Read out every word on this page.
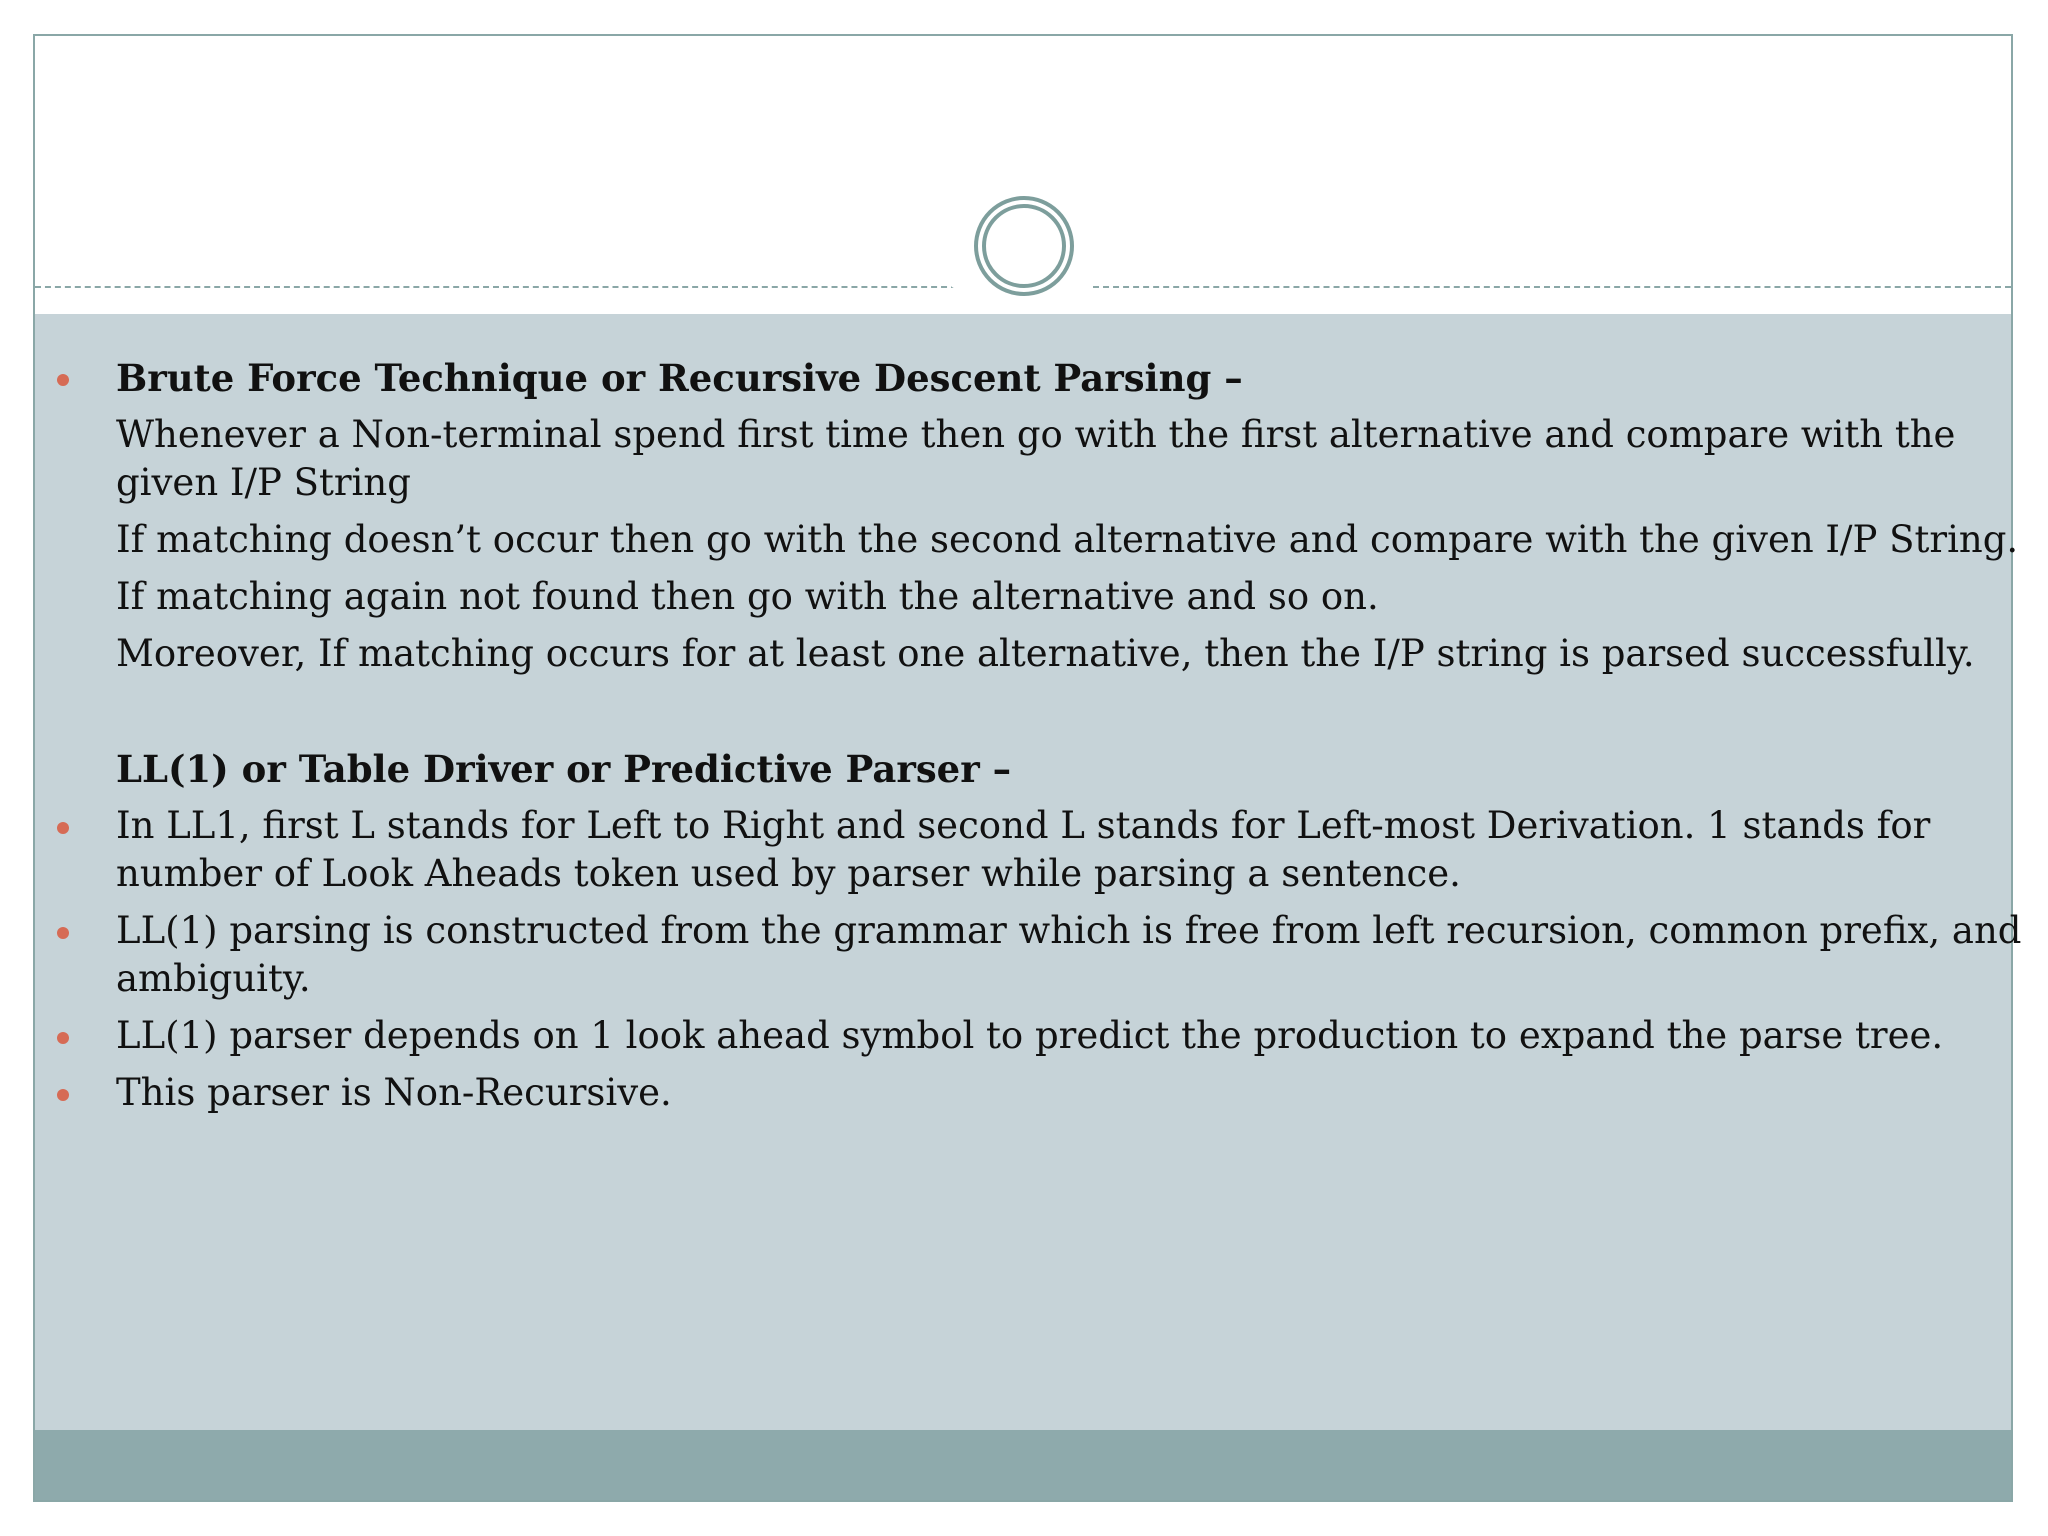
Brute Force Technique or Recursive Descent Parsing –
Whenever a Non-terminal spend first time then go with the first alternative and compare with the
given I/P String
If matching doesn’t occur then go with the second alternative and compare with the given I/P String.
If matching again not found then go with the alternative and so on.
Moreover, If matching occurs for at least one alternative, then the I/P string is parsed successfully.
LL(1) or Table Driver or Predictive Parser –
In LL1, first L stands for Left to Right and second L stands for Left-most Derivation. 1 stands for
number of Look Aheads token used by parser while parsing a sentence.
LL(1) parsing is constructed from the grammar which is free from left recursion, common prefix, and
ambiguity.
LL(1) parser depends on 1 look ahead symbol to predict the production to expand the parse tree.
This parser is Non-Recursive.
